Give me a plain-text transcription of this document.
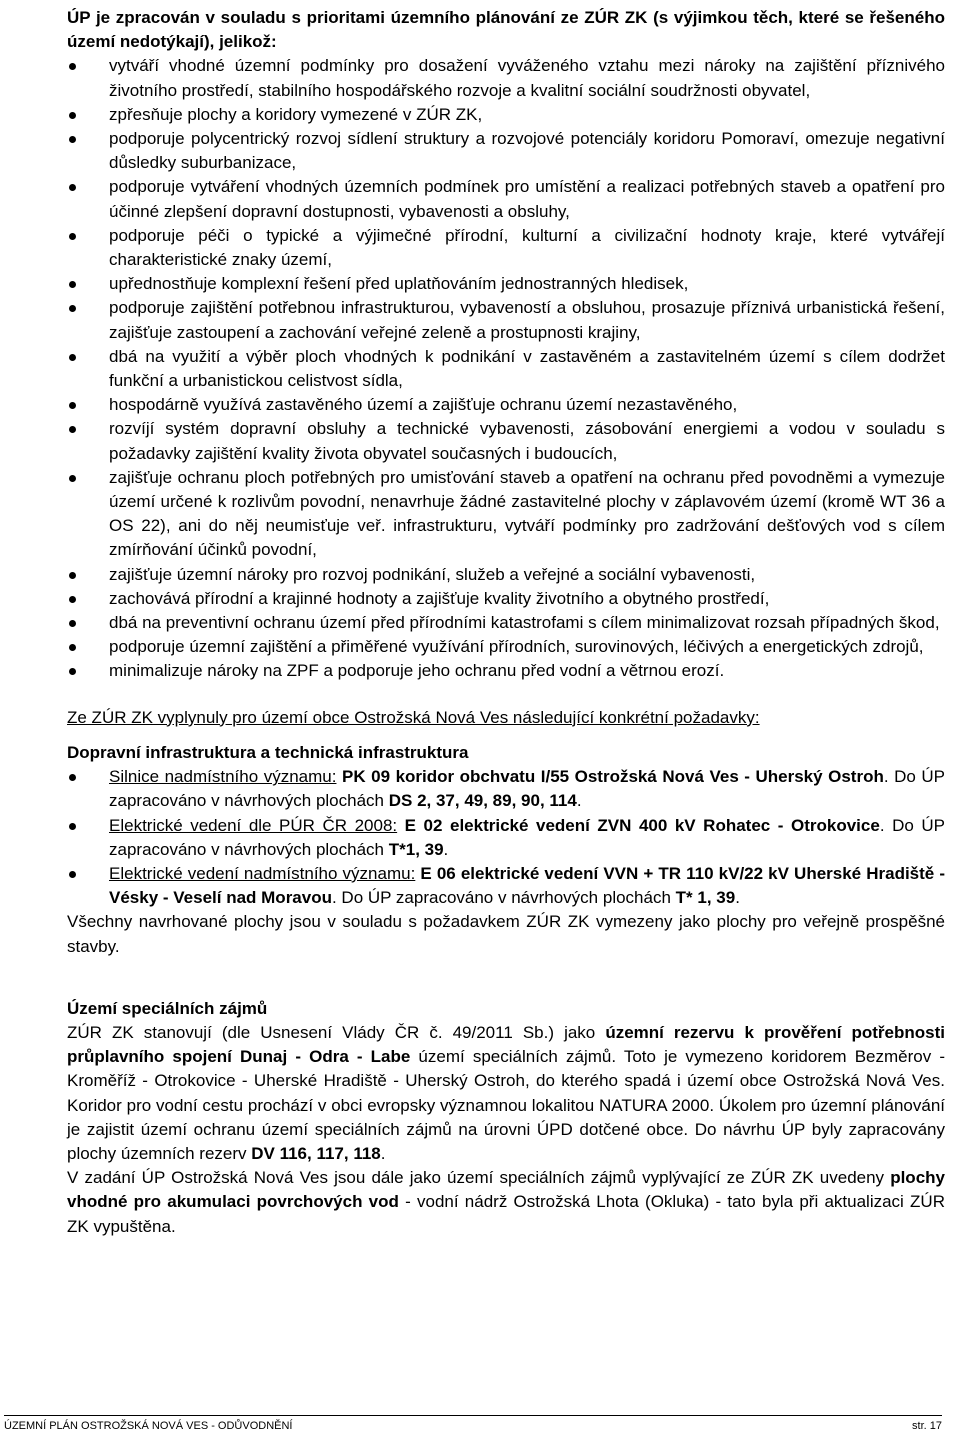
ÚP je zpracován v souladu s prioritami územního plánování ze ZÚR ZK (s výjimkou těch, které se řešeného území nedotýkají), jelikož:

vytváří vhodné územní podmínky pro dosažení vyváženého vztahu mezi nároky na zajištění příznivého životního prostředí, stabilního hospodářského rozvoje a kvalitní sociální soudržnosti obyvatel,
zpřesňuje plochy a koridory vymezené v ZÚR ZK,
podporuje polycentrický rozvoj sídlení struktury a rozvojové potenciály koridoru Pomoraví, omezuje negativní důsledky suburbanizace,
podporuje vytváření vhodných územních podmínek pro umístění a realizaci potřebných staveb a opatření pro účinné zlepšení dopravní dostupnosti, vybavenosti a obsluhy,
podporuje péči o typické a výjimečné přírodní, kulturní a civilizační hodnoty kraje, které vytvářejí charakteristické znaky území,
upřednostňuje komplexní řešení před uplatňováním jednostranných hledisek,
podporuje zajištění potřebnou infrastrukturou, vybaveností a obsluhou, prosazuje příznivá urbanistická řešení, zajišťuje zastoupení a zachování veřejné zeleně a prostupnosti krajiny,
dbá na využití a výběr ploch vhodných k podnikání v zastavěném a zastavitelném území s cílem dodržet funkční a urbanistickou celistvost sídla,
hospodárně využívá zastavěného území a zajišťuje ochranu území nezastavěného,
rozvíjí systém dopravní obsluhy a technické vybavenosti, zásobování energiemi a vodou v souladu s požadavky zajištění kvality života obyvatel současných i budoucích,
zajišťuje ochranu ploch potřebných pro umisťování staveb a opatření na ochranu před povodněmi a vymezuje území určené k rozlivům povodní, nenavrhuje žádné zastavitelné plochy v záplavovém území (kromě WT 36 a OS 22), ani do něj neumisťuje veř. infrastrukturu, vytváří podmínky pro zadržování dešťových vod s cílem zmírňování účinků povodní,
zajišťuje územní nároky pro rozvoj podnikání, služeb a veřejné a sociální vybavenosti,
zachovává přírodní a krajinné hodnoty a zajišťuje kvality životního a obytného prostředí,
dbá na preventivní ochranu území před přírodními katastrofami s cílem minimalizovat rozsah případných škod,
podporuje územní zajištění a přiměřené využívání přírodních, surovinových, léčivých a energetických zdrojů,
minimalizuje nároky na ZPF a podporuje jeho ochranu před vodní a větrnou erozí.

Ze ZÚR ZK vyplynuly pro území obce Ostrožská Nová Ves následující konkrétní požadavky:

Dopravní infrastruktura a technická infrastruktura

Silnice nadmístního významu: PK 09 koridor obchvatu I/55 Ostrožská Nová Ves - Uherský Ostroh. Do ÚP zapracováno v návrhových plochách DS 2, 37, 49, 89, 90, 114.
Elektrické vedení dle PÚR ČR 2008: E 02 elektrické vedení ZVN 400 kV Rohatec - Otrokovice. Do ÚP zapracováno v návrhových plochách T*1, 39.
Elektrické vedení nadmístního významu: E 06 elektrické vedení VVN + TR 110 kV/22 kV Uherské Hradiště - Vésky - Veselí nad Moravou. Do ÚP zapracováno v návrhových plochách T* 1, 39.

Všechny navrhované plochy jsou v souladu s požadavkem ZÚR ZK vymezeny jako plochy pro veřejně prospěšné stavby.

Území speciálních zájmů

ZÚR ZK stanovují (dle Usnesení Vlády ČR č. 49/2011 Sb.) jako územní rezervu k prověření potřebnosti průplavního spojení Dunaj - Odra - Labe území speciálních zájmů. Toto je vymezeno koridorem Bezměrov - Kroměříž - Otrokovice - Uherské Hradiště - Uherský Ostroh, do kterého spadá i území obce Ostrožská Nová Ves. Koridor pro vodní cestu prochází v obci evropsky významnou lokalitou NATURA 2000. Úkolem pro územní plánování je zajistit území ochranu území speciálních zájmů na úrovni ÚPD dotčené obce. Do návrhu ÚP byly zapracovány plochy územních rezerv DV 116, 117, 118.

V zadání ÚP Ostrožská Nová Ves jsou dále jako území speciálních zájmů vyplývající ze ZÚR ZK uvedeny plochy vhodné pro akumulaci povrchových vod - vodní nádrž Ostrožská Lhota (Okluka) - tato byla při aktualizaci ZÚR ZK vypuštěna.

ÚZEMNÍ PLÁN OSTROŽSKÁ NOVÁ VES - ODŮVODNĚNÍ	str. 17
